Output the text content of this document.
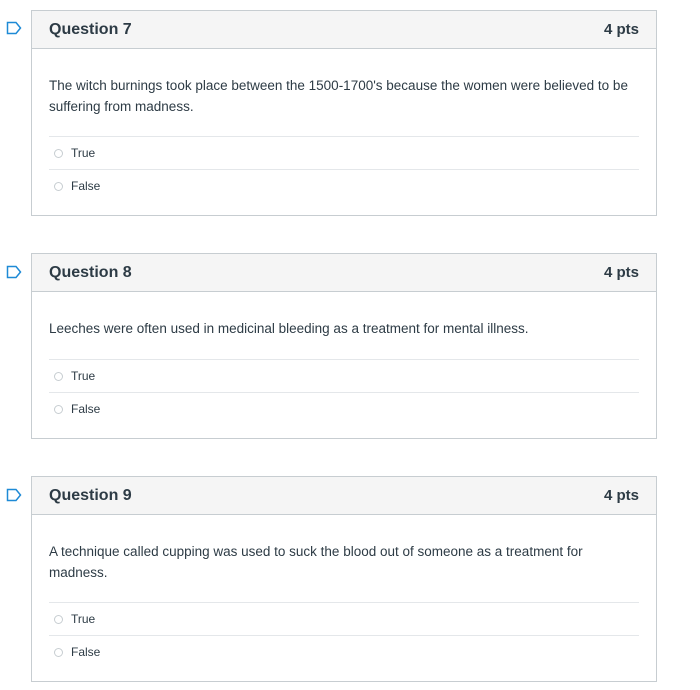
Question 7	4 pts
The witch burnings took place between the 1500-1700's because the women were believed to be suffering from madness.
True
False
Question 8	4 pts
Leeches were often used in medicinal bleeding as a treatment for mental illness.
True
False
Question 9	4 pts
A technique called cupping was used to suck the blood out of someone as a treatment for madness.
True
False
